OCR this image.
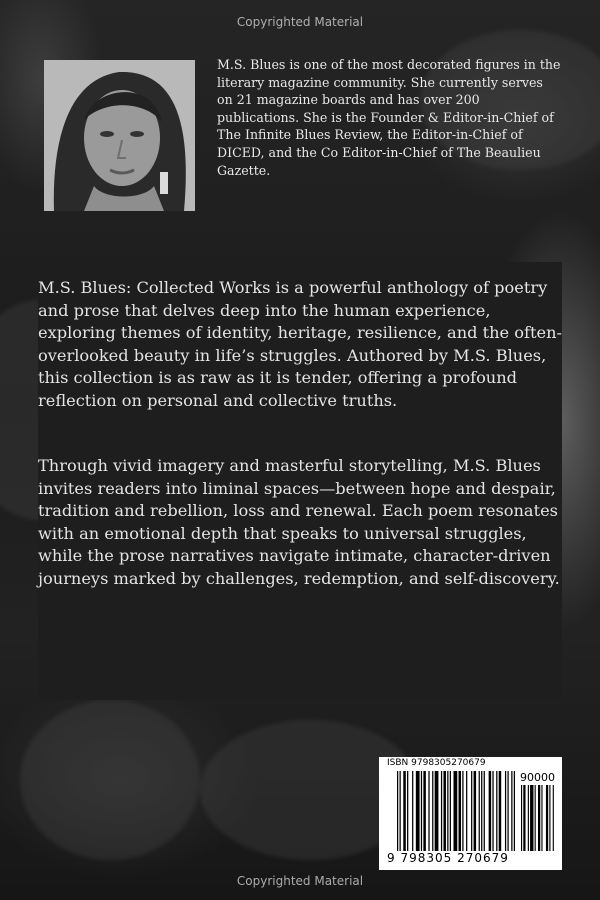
Copyrighted Material
M.S. Blues is one of the most decorated figures in the literary magazine community. She currently serves on 21 magazine boards and has over 200 publications. She is the Founder & Editor-in-Chief of The Infinite Blues Review, the Editor-in-Chief of DICED, and the Co Editor-in-Chief of The Beaulieu Gazette.
M.S. Blues: Collected Works is a powerful anthology of poetry and prose that delves deep into the human experience, exploring themes of identity, heritage, resilience, and the often-overlooked beauty in life’s struggles. Authored by M.S. Blues, this collection is as raw as it is tender, offering a profound reflection on personal and collective truths.
Through vivid imagery and masterful storytelling, M.S. Blues invites readers into liminal spaces—between hope and despair, tradition and rebellion, loss and renewal. Each poem resonates with an emotional depth that speaks to universal struggles, while the prose narratives navigate intimate, character-driven journeys marked by challenges, redemption, and self-discovery.
Copyrighted Material
ISBN 9798305270679
90000
9 798305 270679
